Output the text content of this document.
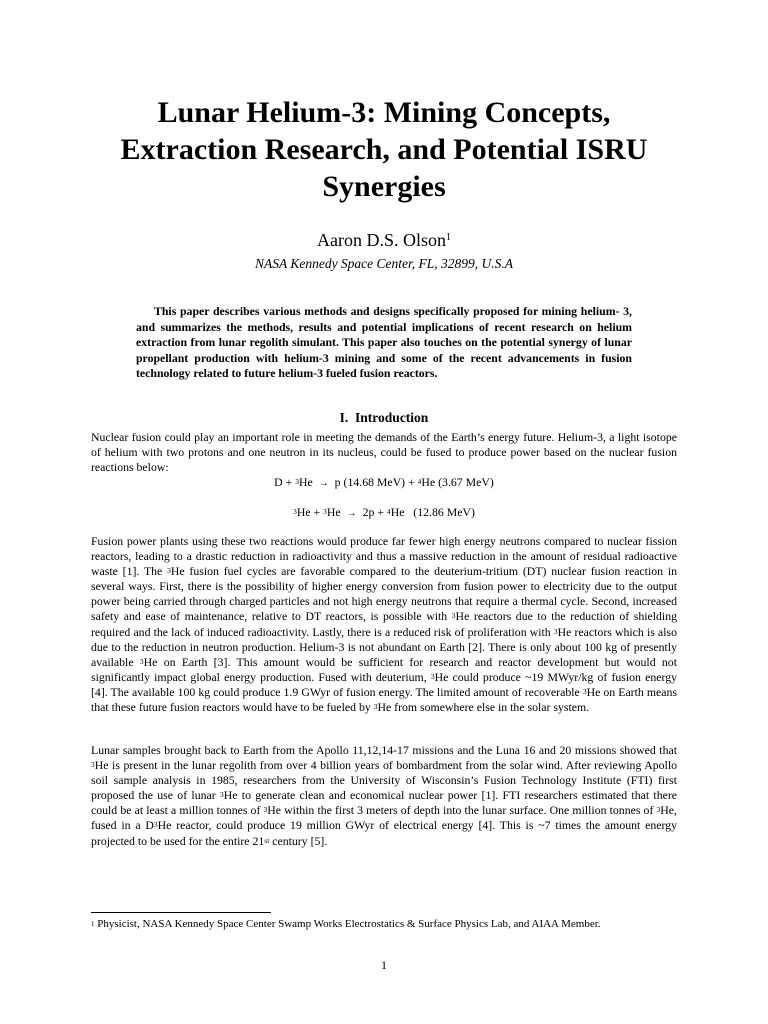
Lunar Helium-3: Mining Concepts, Extraction Research, and Potential ISRU Synergies
Aaron D.S. Olson$^1$
NASA Kennedy Space Center, FL, 32899, U.S.A

This paper describes various methods and designs specifically proposed for mining helium- 3, and summarizes the methods, results and potential implications of recent research on helium extraction from lunar regolith simulant. This paper also touches on the potential synergy of lunar propellant production with helium-3 mining and some of the recent advancements in fusion technology related to future helium-3 fueled fusion reactors.

I. Introduction

Nuclear fusion could play an important role in meeting the demands of the Earth’s energy future. Helium-3, a light isotope of helium with two protons and one neutron in its nucleus, could be fused to produce power based on the nuclear fusion reactions below:

D + $^3$He → p (14.68 MeV) + $^4$He (3.67 MeV)
$^3$He + $^3$He → 2p + $^4$He   (12.86 MeV)

Fusion power plants using these two reactions would produce far fewer high energy neutrons compared to nuclear fission reactors, leading to a drastic reduction in radioactivity and thus a massive reduction in the amount of residual radioactive waste [1]. The $^3$He fusion fuel cycles are favorable compared to the deuterium-tritium (DT) nuclear fusion reaction in several ways. First, there is the possibility of higher energy conversion from fusion power to electricity due to the output power being carried through charged particles and not high energy neutrons that require a thermal cycle. Second, increased safety and ease of maintenance, relative to DT reactors, is possible with $^3$He reactors due to the reduction of shielding required and the lack of induced radioactivity. Lastly, there is a reduced risk of proliferation with $^3$He reactors which is also due to the reduction in neutron production. Helium-3 is not abundant on Earth [2]. There is only about 100 kg of presently available $^3$He on Earth [3]. This amount would be sufficient for research and reactor development but would not significantly impact global energy production. Fused with deuterium, $^3$He could produce ~19 MWyr/kg of fusion energy [4]. The available 100 kg could produce 1.9 GWyr of fusion energy. The limited amount of recoverable $^3$He on Earth means that these future fusion reactors would have to be fueled by $^3$He from somewhere else in the solar system.

Lunar samples brought back to Earth from the Apollo 11,12,14-17 missions and the Luna 16 and 20 missions showed that $^3$He is present in the lunar regolith from over 4 billion years of bombardment from the solar wind. After reviewing Apollo soil sample analysis in 1985, researchers from the University of Wisconsin’s Fusion Technology Institute (FTI) first proposed the use of lunar $^3$He to generate clean and economical nuclear power [1]. FTI researchers estimated that there could be at least a million tonnes of $^3$He within the first 3 meters of depth into the lunar surface. One million tonnes of $^3$He, fused in a $D^3He$ reactor, could produce 19 million GWyr of electrical energy [4]. This is ~7 times the amount energy projected to be used for the entire 21st century [5].

$^1$ Physicist, NASA Kennedy Space Center Swamp Works Electrostatics & Surface Physics Lab, and AIAA Member.
1
